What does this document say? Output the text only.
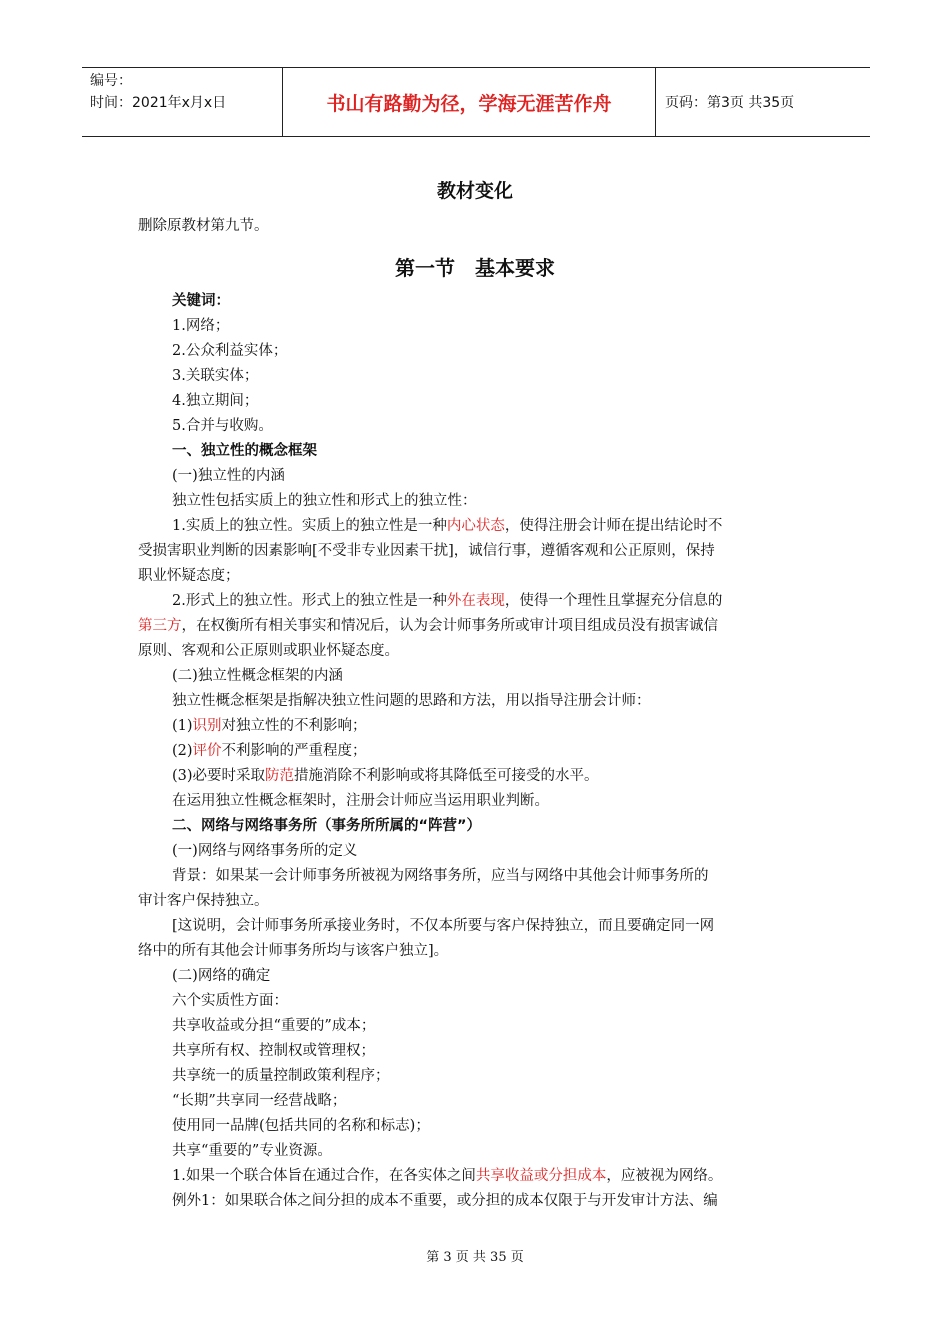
编号：
时间：2021年x月x日	书山有路勤为径，学海无涯苦作舟	页码：第3页 共35页
教材变化
删除原教材第九节。
第一节　基本要求
关键词：
1.网络；
2.公众利益实体；
3.关联实体；
4.独立期间；
5.合并与收购。
一、独立性的概念框架
(一)独立性的内涵
独立性包括实质上的独立性和形式上的独立性：
1.实质上的独立性。实质上的独立性是一种内心状态，使得注册会计师在提出结论时不
受损害职业判断的因素影响[不受非专业因素干扰]，诚信行事，遵循客观和公正原则，保持
职业怀疑态度；
2.形式上的独立性。形式上的独立性是一种外在表现，使得一个理性且掌握充分信息的
第三方，在权衡所有相关事实和情况后，认为会计师事务所或审计项目组成员没有损害诚信
原则、客观和公正原则或职业怀疑态度。
(二)独立性概念框架的内涵
独立性概念框架是指解决独立性问题的思路和方法，用以指导注册会计师：
(1)识别对独立性的不利影响；
(2)评价不利影响的严重程度；
(3)必要时采取防范措施消除不利影响或将其降低至可接受的水平。
在运用独立性概念框架时，注册会计师应当运用职业判断。
二、网络与网络事务所（事务所所属的“阵营”）
(一)网络与网络事务所的定义
背景：如果某一会计师事务所被视为网络事务所，应当与网络中其他会计师事务所的
审计客户保持独立。
[这说明，会计师事务所承接业务时，不仅本所要与客户保持独立，而且要确定同一网
络中的所有其他会计师事务所均与该客户独立]。
(二)网络的确定
六个实质性方面：
共享收益或分担“重要的”成本；
共享所有权、控制权或管理权；
共享统一的质量控制政策利程序；
“长期”共享同一经营战略；
使用同一品牌(包括共同的名称和标志)；
共享“重要的”专业资源。
1.如果一个联合体旨在通过合作，在各实体之间共享收益或分担成本，应被视为网络。
例外1：如果联合体之间分担的成本不重要，或分担的成本仅限于与开发审计方法、编
第 3 页 共 35 页
